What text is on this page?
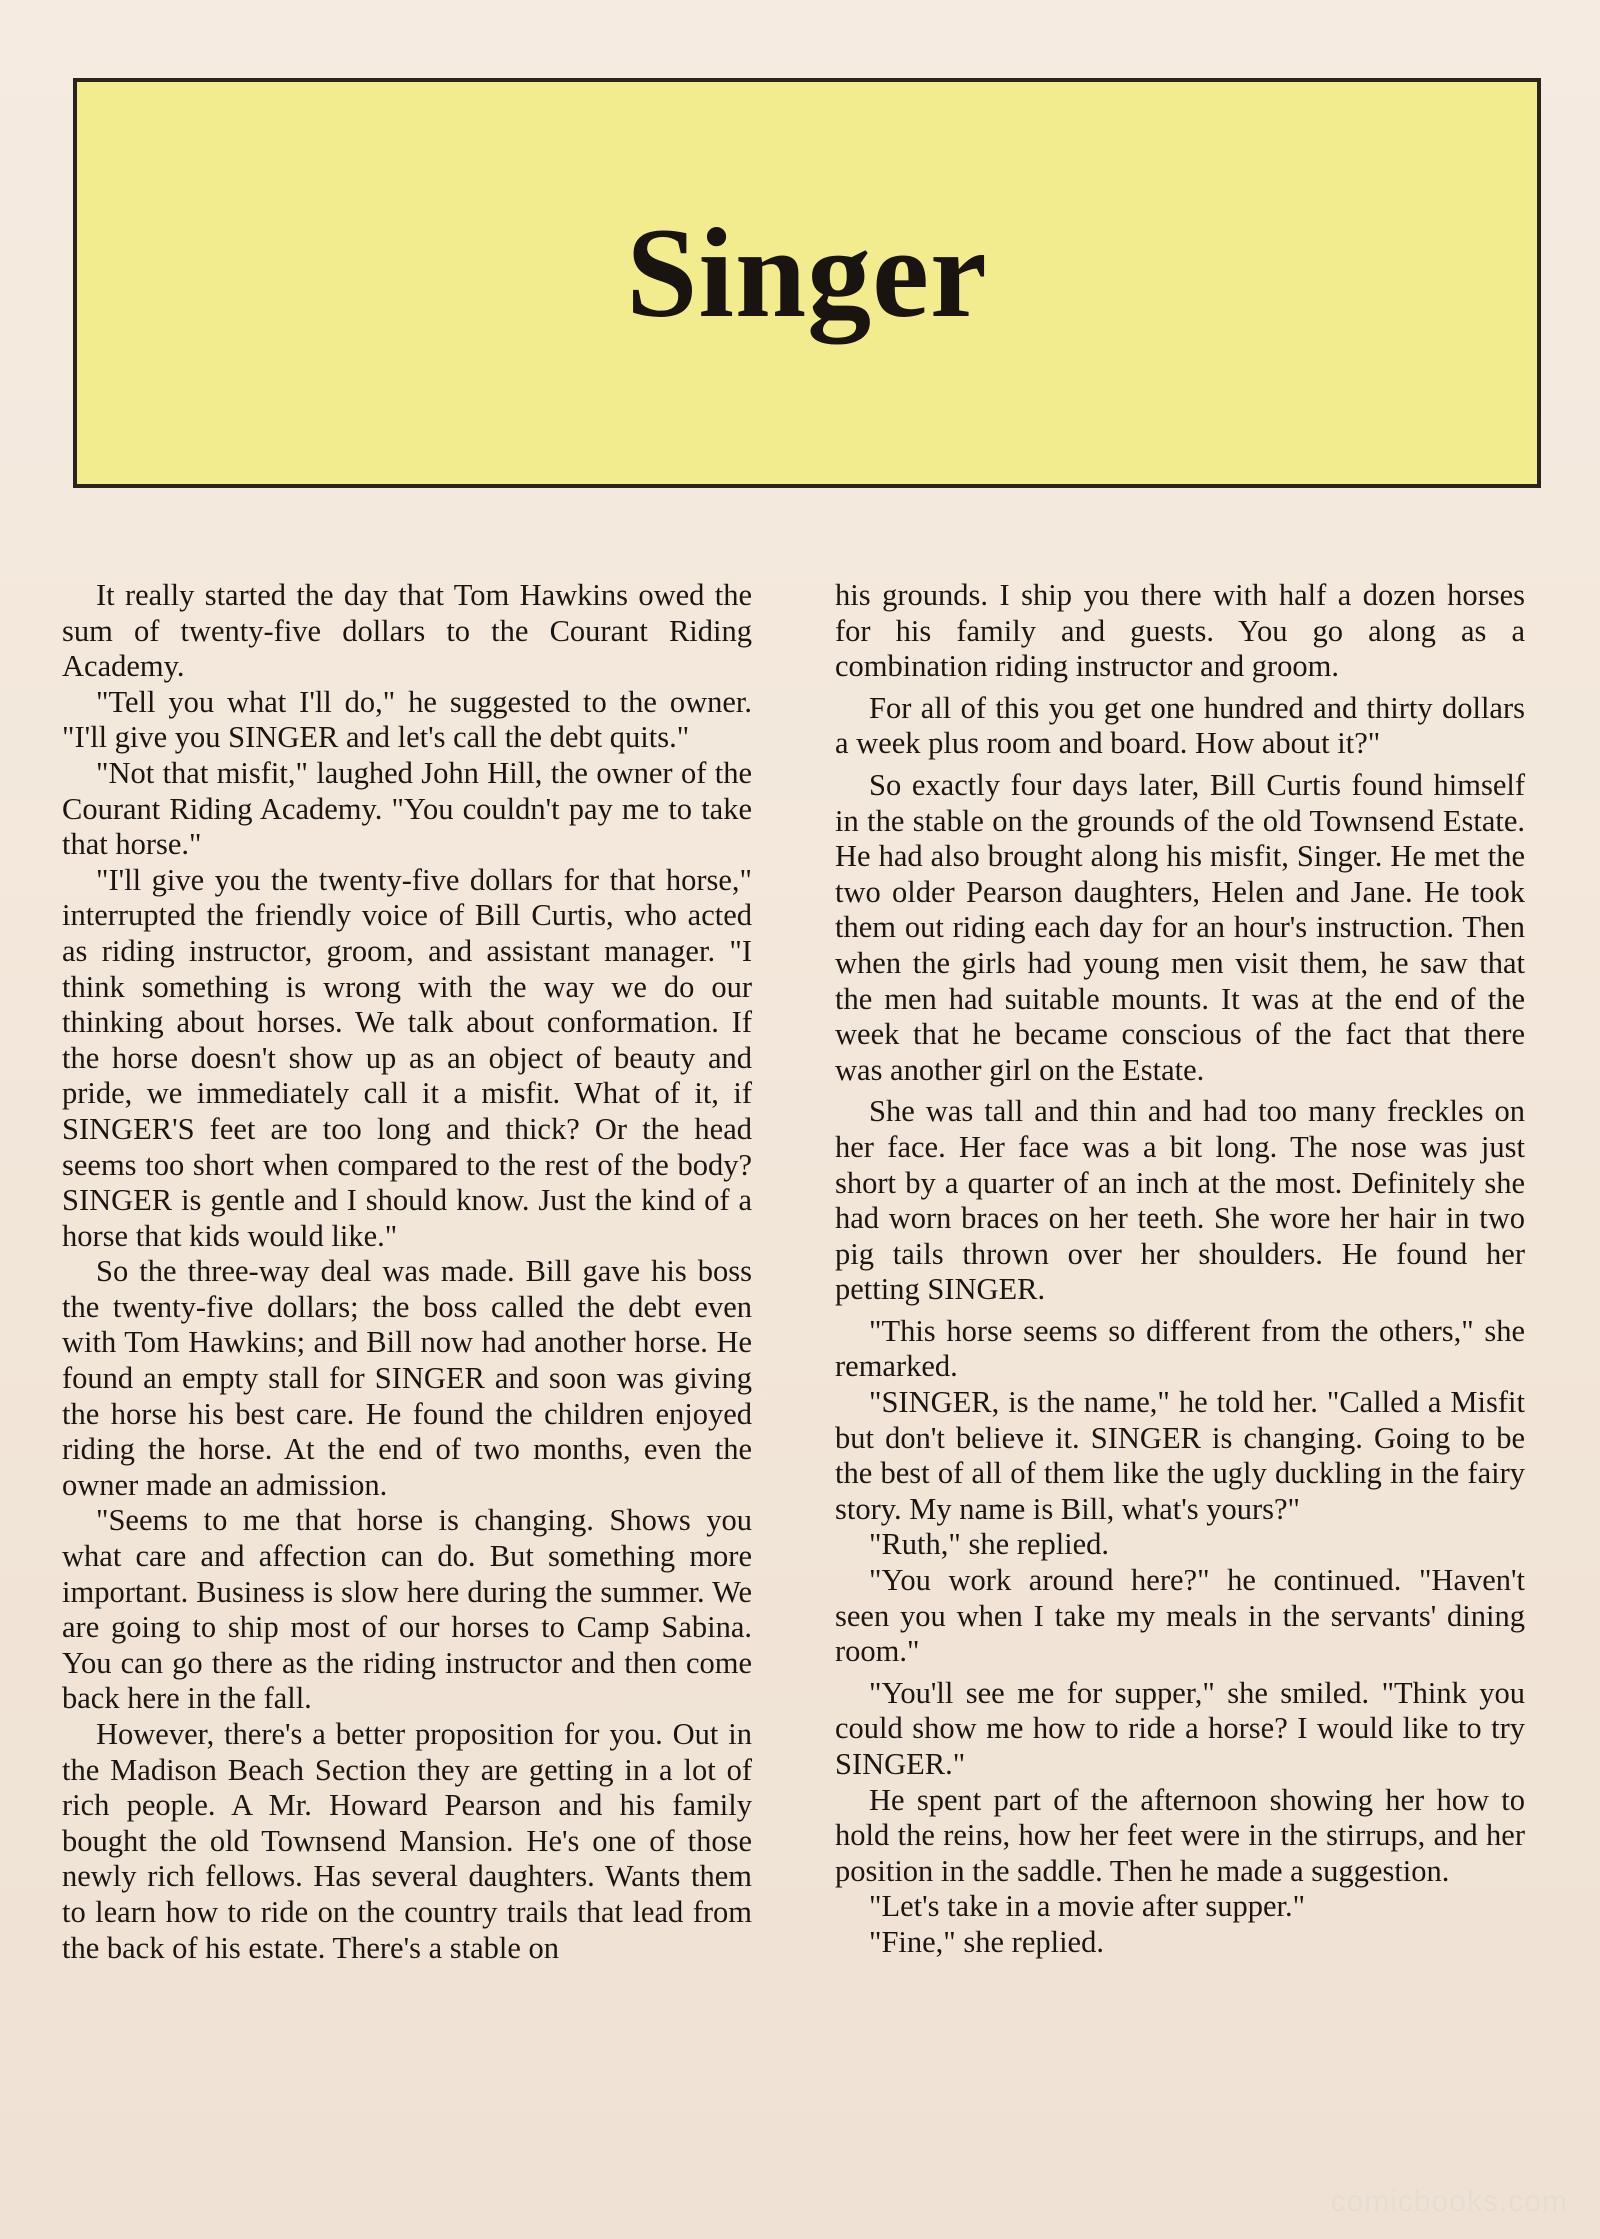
Singer

It really started the day that Tom Hawkins owed the sum of twenty-five dollars to the Courant Riding Academy.

"Tell you what I'll do," he suggested to the owner. "I'll give you SINGER and let's call the debt quits."

"Not that misfit," laughed John Hill, the owner of the Courant Riding Academy. "You couldn't pay me to take that horse."

"I'll give you the twenty-five dollars for that horse," interrupted the friendly voice of Bill Curtis, who acted as riding instructor, groom, and assistant manager. "I think something is wrong with the way we do our thinking about horses. We talk about conformation. If the horse doesn't show up as an object of beauty and pride, we immediately call it a misfit. What of it, if SINGER'S feet are too long and thick? Or the head seems too short when compared to the rest of the body? SINGER is gentle and I should know. Just the kind of a horse that kids would like."

So the three-way deal was made. Bill gave his boss the twenty-five dollars; the boss called the debt even with Tom Hawkins; and Bill now had another horse. He found an empty stall for SINGER and soon was giving the horse his best care. He found the children enjoyed riding the horse. At the end of two months, even the owner made an admission.

"Seems to me that horse is changing. Shows you what care and affection can do. But something more important. Business is slow here during the summer. We are going to ship most of our horses to Camp Sabina. You can go there as the riding instructor and then come back here in the fall.

However, there's a better proposition for you. Out in the Madison Beach Section they are getting in a lot of rich people. A Mr. Howard Pearson and his family bought the old Townsend Mansion. He's one of those newly rich fellows. Has several daughters. Wants them to learn how to ride on the country trails that lead from the back of his estate. There's a stable on

his grounds. I ship you there with half a dozen horses for his family and guests. You go along as a combination riding instructor and groom.

For all of this you get one hundred and thirty dollars a week plus room and board. How about it?"

So exactly four days later, Bill Curtis found himself in the stable on the grounds of the old Townsend Estate. He had also brought along his misfit, Singer. He met the two older Pearson daughters, Helen and Jane. He took them out riding each day for an hour's instruction. Then when the girls had young men visit them, he saw that the men had suitable mounts. It was at the end of the week that he became conscious of the fact that there was another girl on the Estate.

She was tall and thin and had too many freckles on her face. Her face was a bit long. The nose was just short by a quarter of an inch at the most. Definitely she had worn braces on her teeth. She wore her hair in two pig tails thrown over her shoulders. He found her petting SINGER.

"This horse seems so different from the others," she remarked.

"SINGER, is the name," he told her. "Called a Misfit but don't believe it. SINGER is changing. Going to be the best of all of them like the ugly duckling in the fairy story. My name is Bill, what's yours?"

"Ruth," she replied.

"You work around here?" he continued. "Haven't seen you when I take my meals in the servants' dining room."

"You'll see me for supper," she smiled. "Think you could show me how to ride a horse? I would like to try SINGER."

He spent part of the afternoon showing her how to hold the reins, how her feet were in the stirrups, and her position in the saddle. Then he made a suggestion.

"Let's take in a movie after supper."

"Fine," she replied.

comicbooks.com
